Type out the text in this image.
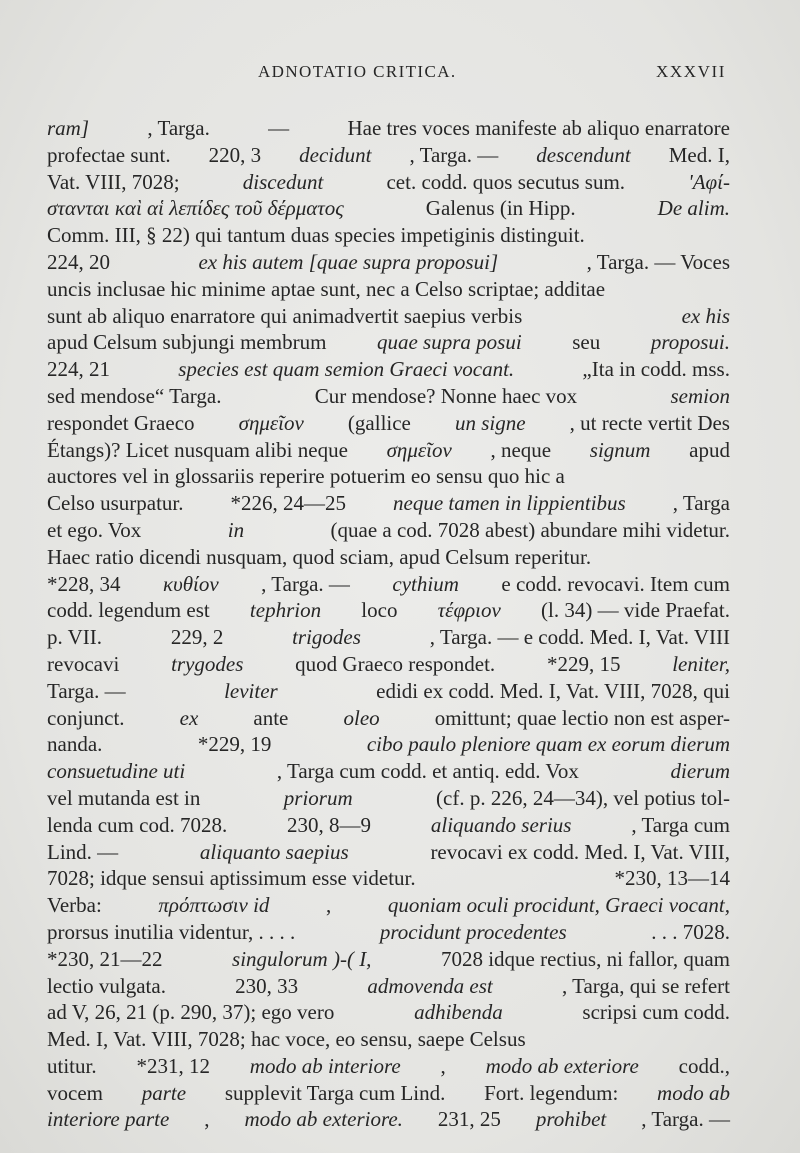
ADNOTATIO CRITICA.	XXXVII
ram]	, Targa.	—	Hae tres voces manifeste ab aliquo enarratore
profectae sunt. 220, 3 decidunt , Targa. — descendunt Med. I,
Vat. VIII, 7028;	discedunt	cet. codd. quos secutus sum.	'Αφί-
στανται καὶ αἱ λεπίδες τοῦ δέρματος	Galenus (in Hipp.	De alim.
Comm. III, § 22) qui tantum duas species impetiginis distinguit.
224, 20	ex his autem [quae supra proposui]	, Targa. — Voces
uncis inclusae hic minime aptae sunt, nec a Celso scriptae; additae
sunt ab aliquo enarratore qui animadvertit saepius verbis	ex his
apud Celsum subjungi membrum quae supra posui seu proposui.
224, 21	species est quam semion Graeci vocant.	„Ita in codd. mss.
sed mendose“ Targa.	Cur mendose? Nonne haec vox	semion
respondet Graeco σημεῖον (gallice un signe , ut recte vertit Des
Étangs)? Licet nusquam alibi neque σημεῖον , neque signum apud
auctores vel in glossariis reperire potuerim eo sensu quo hic a
Celso usurpatur. *226, 24—25 neque tamen in lippientibus , Targa
et ego. Vox	in	(quae a cod. 7028 abest) abundare mihi videtur.
Haec ratio dicendi nusquam, quod sciam, apud Celsum reperitur.
*228, 34 κυθίον , Targa. — cythium e codd. revocavi. Item cum
codd. legendum est tephrion loco τέφριον (l. 34) — vide Praefat.
p. VII.	229, 2	trigodes	, Targa. — e codd. Med. I, Vat. VIII
revocavi trygodes quod Graeco respondet. *229, 15 leniter,
Targa. —	leviter	edidi ex codd. Med. I, Vat. VIII, 7028, qui
conjunct.	ex	ante	oleo	omittunt; quae lectio non est asper-
nanda.	*229, 19	cibo paulo pleniore quam ex eorum dierum
consuetudine uti	, Targa cum codd. et antiq. edd. Vox	dierum
vel mutanda est in	priorum	(cf. p. 226, 24—34), vel potius tol-
lenda cum cod. 7028.	230, 8—9	aliquando serius	, Targa cum
Lind. —	aliquanto saepius	revocavi ex codd. Med. I, Vat. VIII,
7028; idque sensui aptissimum esse videtur.	*230, 13—14
Verba:	πρόπτωσιν id	,	quoniam oculi procidunt, Graeci vocant,
prorsus inutilia videntur, . . . .	procidunt procedentes	. . . 7028.
*230, 21—22	singulorum )-( I,	7028 idque rectius, ni fallor, quam
lectio vulgata.	230, 33	admovenda est	, Targa, qui se refert
ad V, 26, 21 (p. 290, 37); ego vero	adhibenda	scripsi cum codd.
Med. I, Vat. VIII, 7028; hac voce, eo sensu, saepe Celsus
utitur. *231, 12 modo ab interiore , modo ab exteriore codd.,
vocem parte supplevit Targa cum Lind. Fort. legendum: modo ab
interiore parte , modo ab exteriore. 231, 25 prohibet , Targa. —
